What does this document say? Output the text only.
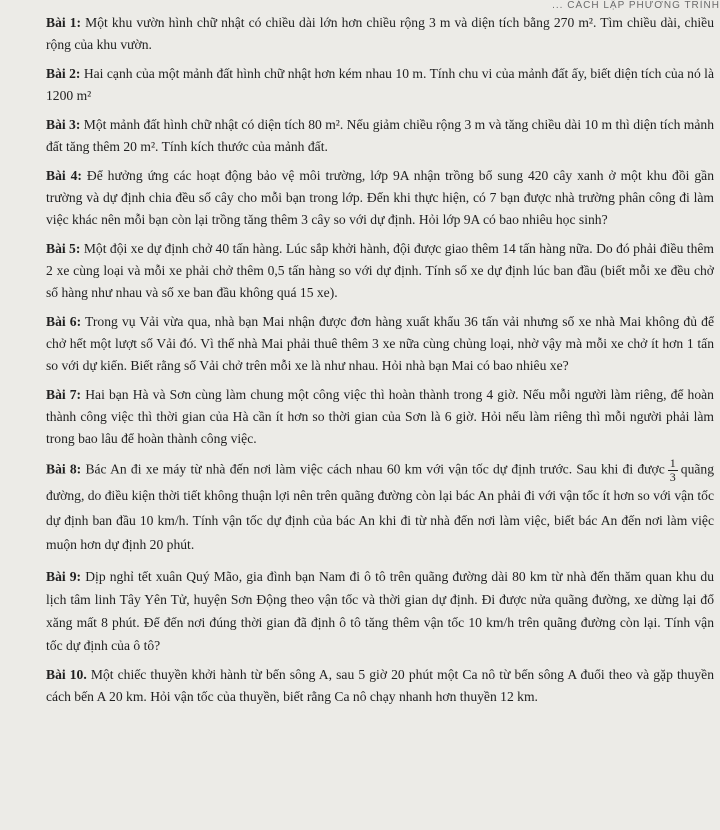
... CÁCH LẬP PHƯƠNG TRÌNH

Bài 1: Một khu vườn hình chữ nhật có chiều dài lớn hơn chiều rộng 3 m và diện tích bằng 270 m². Tìm chiều dài, chiều rộng của khu vườn.

Bài 2: Hai cạnh của một mảnh đất hình chữ nhật hơn kém nhau 10 m. Tính chu vi của mảnh đất ấy, biết diện tích của nó là 1200 m²

Bài 3: Một mảnh đất hình chữ nhật có diện tích 80 m². Nếu giảm chiều rộng 3 m và tăng chiều dài 10 m thì diện tích mảnh đất tăng thêm 20 m². Tính kích thước của mảnh đất.

Bài 4: Để hưởng ứng các hoạt động bảo vệ môi trường, lớp 9A nhận trồng bổ sung 420 cây xanh ở một khu đồi gần trường và dự định chia đều số cây cho mỗi bạn trong lớp. Đến khi thực hiện, có 7 bạn được nhà trường phân công đi làm việc khác nên mỗi bạn còn lại trồng tăng thêm 3 cây so với dự định. Hỏi lớp 9A có bao nhiêu học sinh?

Bài 5: Một đội xe dự định chở 40 tấn hàng. Lúc sắp khởi hành, đội được giao thêm 14 tấn hàng nữa. Do đó phải điều thêm 2 xe cùng loại và mỗi xe phải chở thêm 0,5 tấn hàng so với dự định. Tính số xe dự định lúc ban đầu (biết mỗi xe đều chở số hàng như nhau và số xe ban đầu không quá 15 xe).

Bài 6: Trong vụ Vải vừa qua, nhà bạn Mai nhận được đơn hàng xuất khẩu 36 tấn vải nhưng số xe nhà Mai không đủ để chở hết một lượt số Vải đó. Vì thế nhà Mai phải thuê thêm 3 xe nữa cùng chủng loại, nhờ vậy mà mỗi xe chở ít hơn 1 tấn so với dự kiến. Biết rằng số Vải chở trên mỗi xe là như nhau. Hỏi nhà bạn Mai có bao nhiêu xe?

Bài 7: Hai bạn Hà và Sơn cùng làm chung một công việc thì hoàn thành trong 4 giờ. Nếu mỗi người làm riêng, để hoàn thành công việc thì thời gian của Hà cần ít hơn so thời gian của Sơn là 6 giờ. Hỏi nếu làm riêng thì mỗi người phải làm trong bao lâu để hoàn thành công việc.

Bài 8: Bác An đi xe máy từ nhà đến nơi làm việc cách nhau 60 km với vận tốc dự định trước. Sau khi đi được $\frac{1}{3}$ quãng đường, do điều kiện thời tiết không thuận lợi nên trên quãng đường còn lại bác An phải đi với vận tốc ít hơn so với vận tốc dự định ban đầu 10 km/h. Tính vận tốc dự định của bác An khi đi từ nhà đến nơi làm việc, biết bác An đến nơi làm việc muộn hơn dự định 20 phút.

Bài 9: Dịp nghỉ tết xuân Quý Mão, gia đình bạn Nam đi ô tô trên quãng đường dài 80 km từ nhà đến thăm quan khu du lịch tâm linh Tây Yên Tử, huyện Sơn Động theo vận tốc và thời gian dự định. Đi được nửa quãng đường, xe dừng lại đổ xăng mất 8 phút. Để đến nơi đúng thời gian đã định ô tô tăng thêm vận tốc 10 km/h trên quãng đường còn lại. Tính vận tốc dự định của ô tô?

Bài 10. Một chiếc thuyền khởi hành từ bến sông A, sau 5 giờ 20 phút một Ca nô từ bến sông A đuổi theo và gặp thuyền cách bến A 20 km. Hỏi vận tốc của thuyền, biết rằng Ca nô chạy nhanh hơn thuyền 12 km.
